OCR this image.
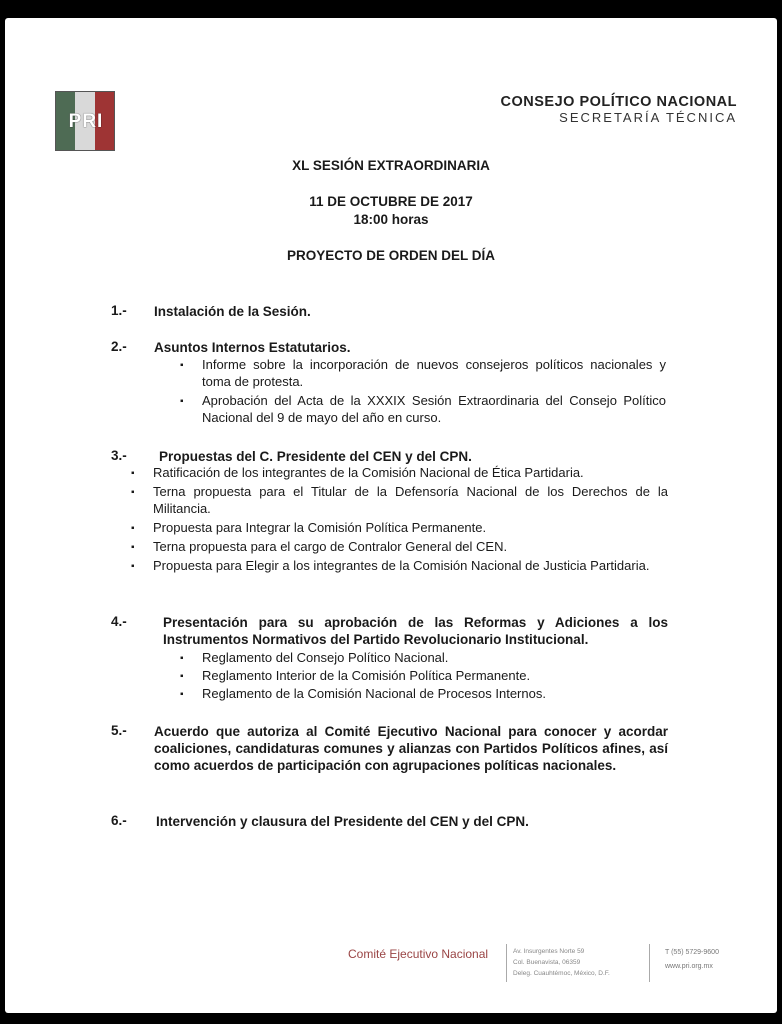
PRI
CONSEJO POLÍTICO NACIONAL
SECRETARÍA TÉCNICA
XL SESIÓN EXTRAORDINARIA
11 DE OCTUBRE DE 2017
18:00 horas
PROYECTO DE ORDEN DEL DÍA
1.- Instalación de la Sesión.
2.- Asuntos Internos Estatutarios.
▪	Informe sobre la incorporación de nuevos consejeros políticos nacionales y toma de protesta.
▪	Aprobación del Acta de la XXXIX Sesión Extraordinaria del Consejo Político Nacional del 9 de mayo del año en curso.
3.- Propuestas del C. Presidente del CEN y del CPN.
▪	Ratificación de los integrantes de la Comisión Nacional de Ética Partidaria.
▪	Terna propuesta para el Titular de la Defensoría Nacional de los Derechos de la Militancia.
▪	Propuesta para Integrar la Comisión Política Permanente.
▪	Terna propuesta para el cargo de Contralor General del CEN.
▪	Propuesta para Elegir a los integrantes de la Comisión Nacional de Justicia Partidaria.
4.-	Presentación para su aprobación de las Reformas y Adiciones a los Instrumentos Normativos del Partido Revolucionario Institucional.
▪	Reglamento del Consejo Político Nacional.
▪	Reglamento Interior de la Comisión Política Permanente.
▪	Reglamento de la Comisión Nacional de Procesos Internos.
5.- Acuerdo que autoriza al Comité Ejecutivo Nacional para conocer y acordar coaliciones, candidaturas comunes y alianzas con Partidos Políticos afines, así como acuerdos de participación con agrupaciones políticas nacionales.
6.- Intervención y clausura del Presidente del CEN y del CPN.
Comité Ejecutivo Nacional	Av. Insurgentes Norte 59
Col. Buenavista, 06359
Deleg. Cuauhtémoc, México, D.F.
T (55) 5729-9600
www.pri.org.mx
